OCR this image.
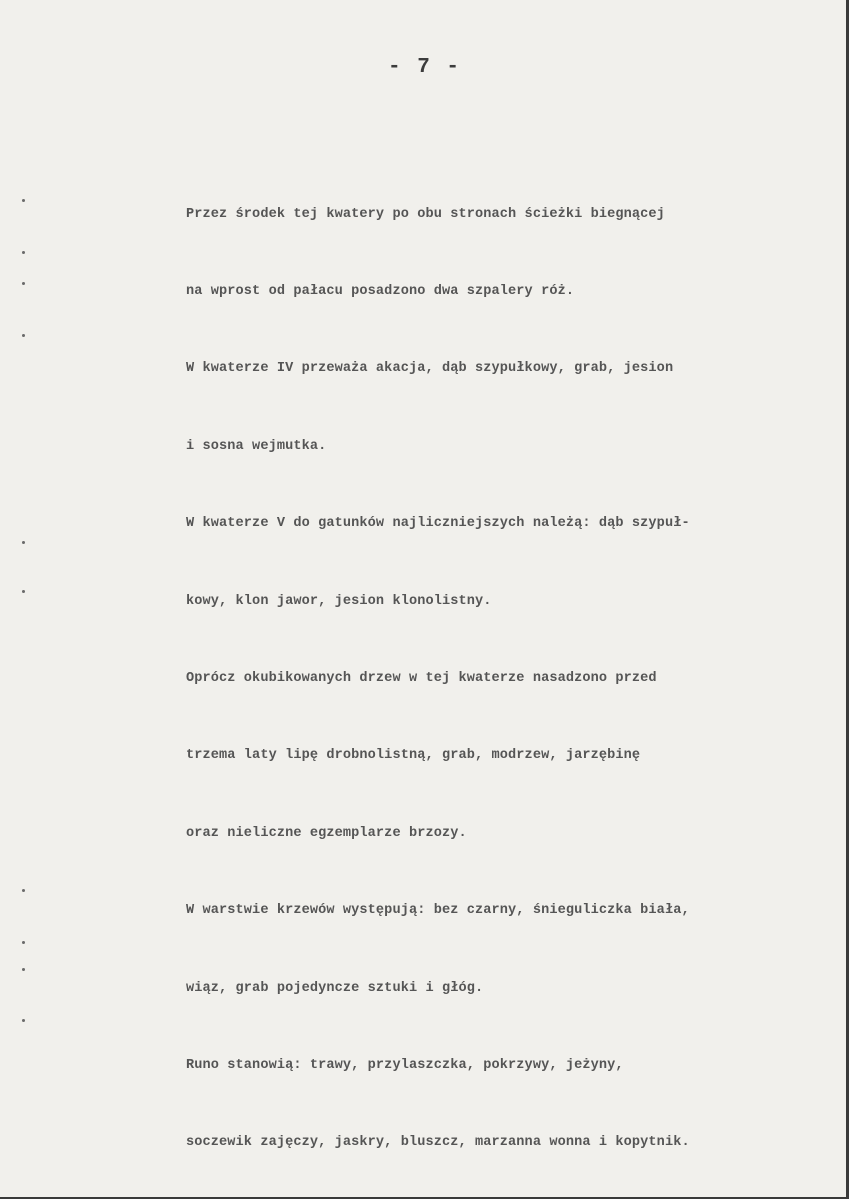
- 7 -

Przez środek tej kwatery po obu stronach ścieżki biegnącej

na wprost od pałacu posadzono dwa szpalery róż.

W kwaterze IV przeważa akacja, dąb szypułkowy, grab, jesion

i sosna wejmutka.

W kwaterze V do gatunków najliczniejszych należą: dąb szypuł-

kowy, klon jawor, jesion klonolistny.

Oprócz okubikowanych drzew w tej kwaterze nasadzono przed

trzema laty lipę drobnolistną, grab, modrzew, jarzębinę

oraz nieliczne egzemplarze brzozy.

W warstwie krzewów występują: bez czarny, śnieguliczka biała,

wiąz, grab pojedyncze sztuki i głóg.

Runo stanowią: trawy, przylaszczka, pokrzywy, jeżyny,

soczewik zajęczy, jaskry, bluszcz, marzanna wonna i kopytnik.
